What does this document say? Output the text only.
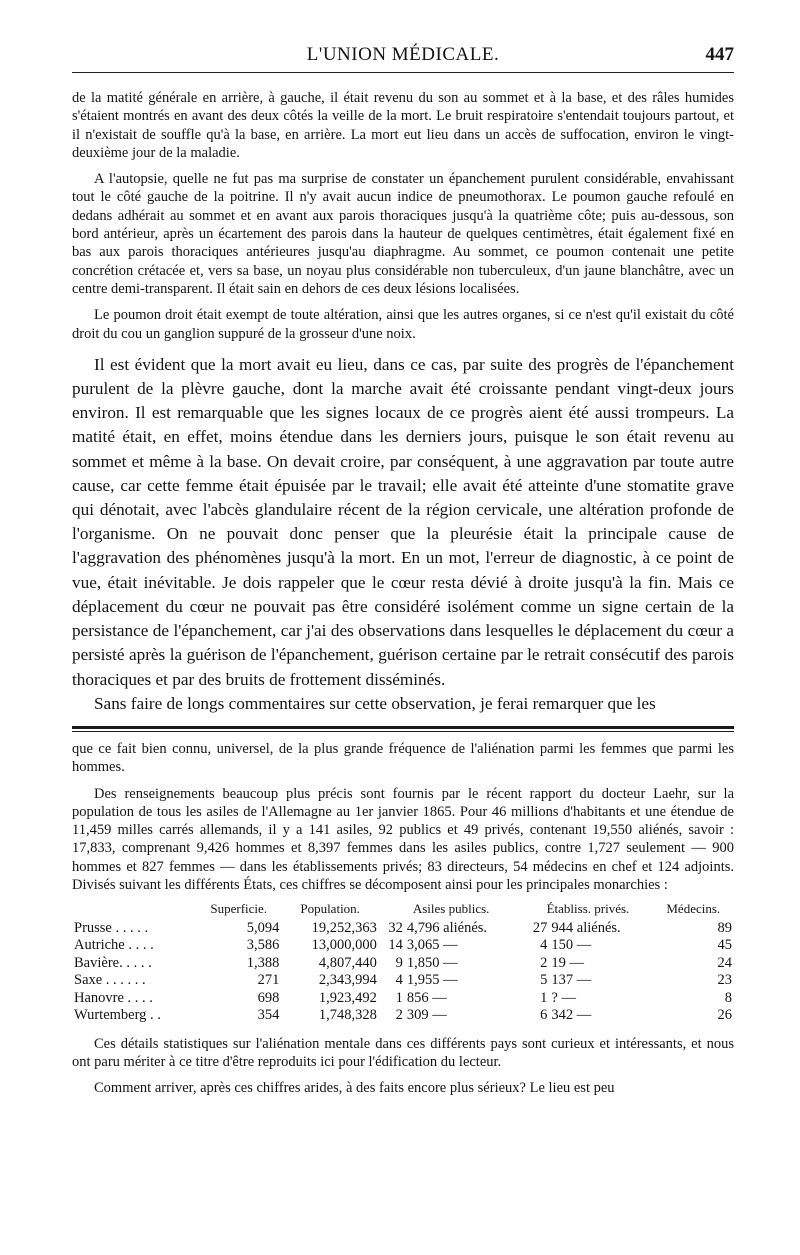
L'UNION MÉDICALE.	447

de la matité générale en arrière, à gauche, il était revenu du son au sommet et à la base, et des râles humides s'étaient montrés en avant des deux côtés la veille de la mort. Le bruit respiratoire s'entendait toujours partout, et il n'existait de souffle qu'à la base, en arrière. La mort eut lieu dans un accès de suffocation, environ le vingt-deuxième jour de la maladie.

A l'autopsie, quelle ne fut pas ma surprise de constater un épanchement purulent considérable, envahissant tout le côté gauche de la poitrine. Il n'y avait aucun indice de pneumothorax. Le poumon gauche refoulé en dedans adhérait au sommet et en avant aux parois thoraciques jusqu'à la quatrième côte; puis au-dessous, son bord antérieur, après un écartement des parois dans la hauteur de quelques centimètres, était également fixé en bas aux parois thoraciques antérieures jusqu'au diaphragme. Au sommet, ce poumon contenait une petite concrétion crétacée et, vers sa base, un noyau plus considérable non tuberculeux, d'un jaune blanchâtre, avec un centre demi-transparent. Il était sain en dehors de ces deux lésions localisées.

Le poumon droit était exempt de toute altération, ainsi que les autres organes, si ce n'est qu'il existait du côté droit du cou un ganglion suppuré de la grosseur d'une noix.

Il est évident que la mort avait eu lieu, dans ce cas, par suite des progrès de l'épanchement purulent de la plèvre gauche, dont la marche avait été croissante pendant vingt-deux jours environ. Il est remarquable que les signes locaux de ce progrès aient été aussi trompeurs. La matité était, en effet, moins étendue dans les derniers jours, puisque le son était revenu au sommet et même à la base. On devait croire, par conséquent, à une aggravation par toute autre cause, car cette femme était épuisée par le travail; elle avait été atteinte d'une stomatite grave qui dénotait, avec l'abcès glandulaire récent de la région cervicale, une altération profonde de l'organisme. On ne pouvait donc penser que la pleurésie était la principale cause de l'aggravation des phénomènes jusqu'à la mort. En un mot, l'erreur de diagnostic, à ce point de vue, était inévitable. Je dois rappeler que le cœur resta dévié à droite jusqu'à la fin. Mais ce déplacement du cœur ne pouvait pas être considéré isolément comme un signe certain de la persistance de l'épanchement, car j'ai des observations dans lesquelles le déplacement du cœur a persisté après la guérison de l'épanchement, guérison certaine par le retrait consécutif des parois thoraciques et par des bruits de frottement disséminés.

Sans faire de longs commentaires sur cette observation, je ferai remarquer que les

que ce fait bien connu, universel, de la plus grande fréquence de l'aliénation parmi les femmes que parmi les hommes.

Des renseignements beaucoup plus précis sont fournis par le récent rapport du docteur Laehr, sur la population de tous les asiles de l'Allemagne au 1er janvier 1865. Pour 46 millions d'habitants et une étendue de 11,459 milles carrés allemands, il y a 141 asiles, 92 publics et 49 privés, contenant 19,550 aliénés, savoir : 17,833, comprenant 9,426 hommes et 8,397 femmes dans les asiles publics, contre 1,727 seulement — 900 hommes et 827 femmes — dans les établissements privés; 83 directeurs, 54 médecins en chef et 124 adjoints. Divisés suivant les différents États, ces chiffres se décomposent ainsi pour les principales monarchies :

	Superficie.	Population.	Asiles publics.		Établiss. privés.		Médecins.
Prusse . . . . .	5,094	19,252,363	32	4,796 aliénés.	27	944 aliénés.	89
Autriche . . . .	3,586	13,000,000	14	3,065 —	4	150 —	45
Bavière. . . . .	1,388	4,807,440	9	1,850 —	2	19 —	24
Saxe . . . . . .	271	2,343,994	4	1,955 —	5	137 —	23
Hanovre . . . .	698	1,923,492	1	856 —	1	? —	8
Wurtemberg . .	354	1,748,328	2	309 —	6	342 —	26

Ces détails statistiques sur l'aliénation mentale dans ces différents pays sont curieux et intéressants, et nous ont paru mériter à ce titre d'être reproduits ici pour l'édification du lecteur.

Comment arriver, après ces chiffres arides, à des faits encore plus sérieux? Le lieu est peu
